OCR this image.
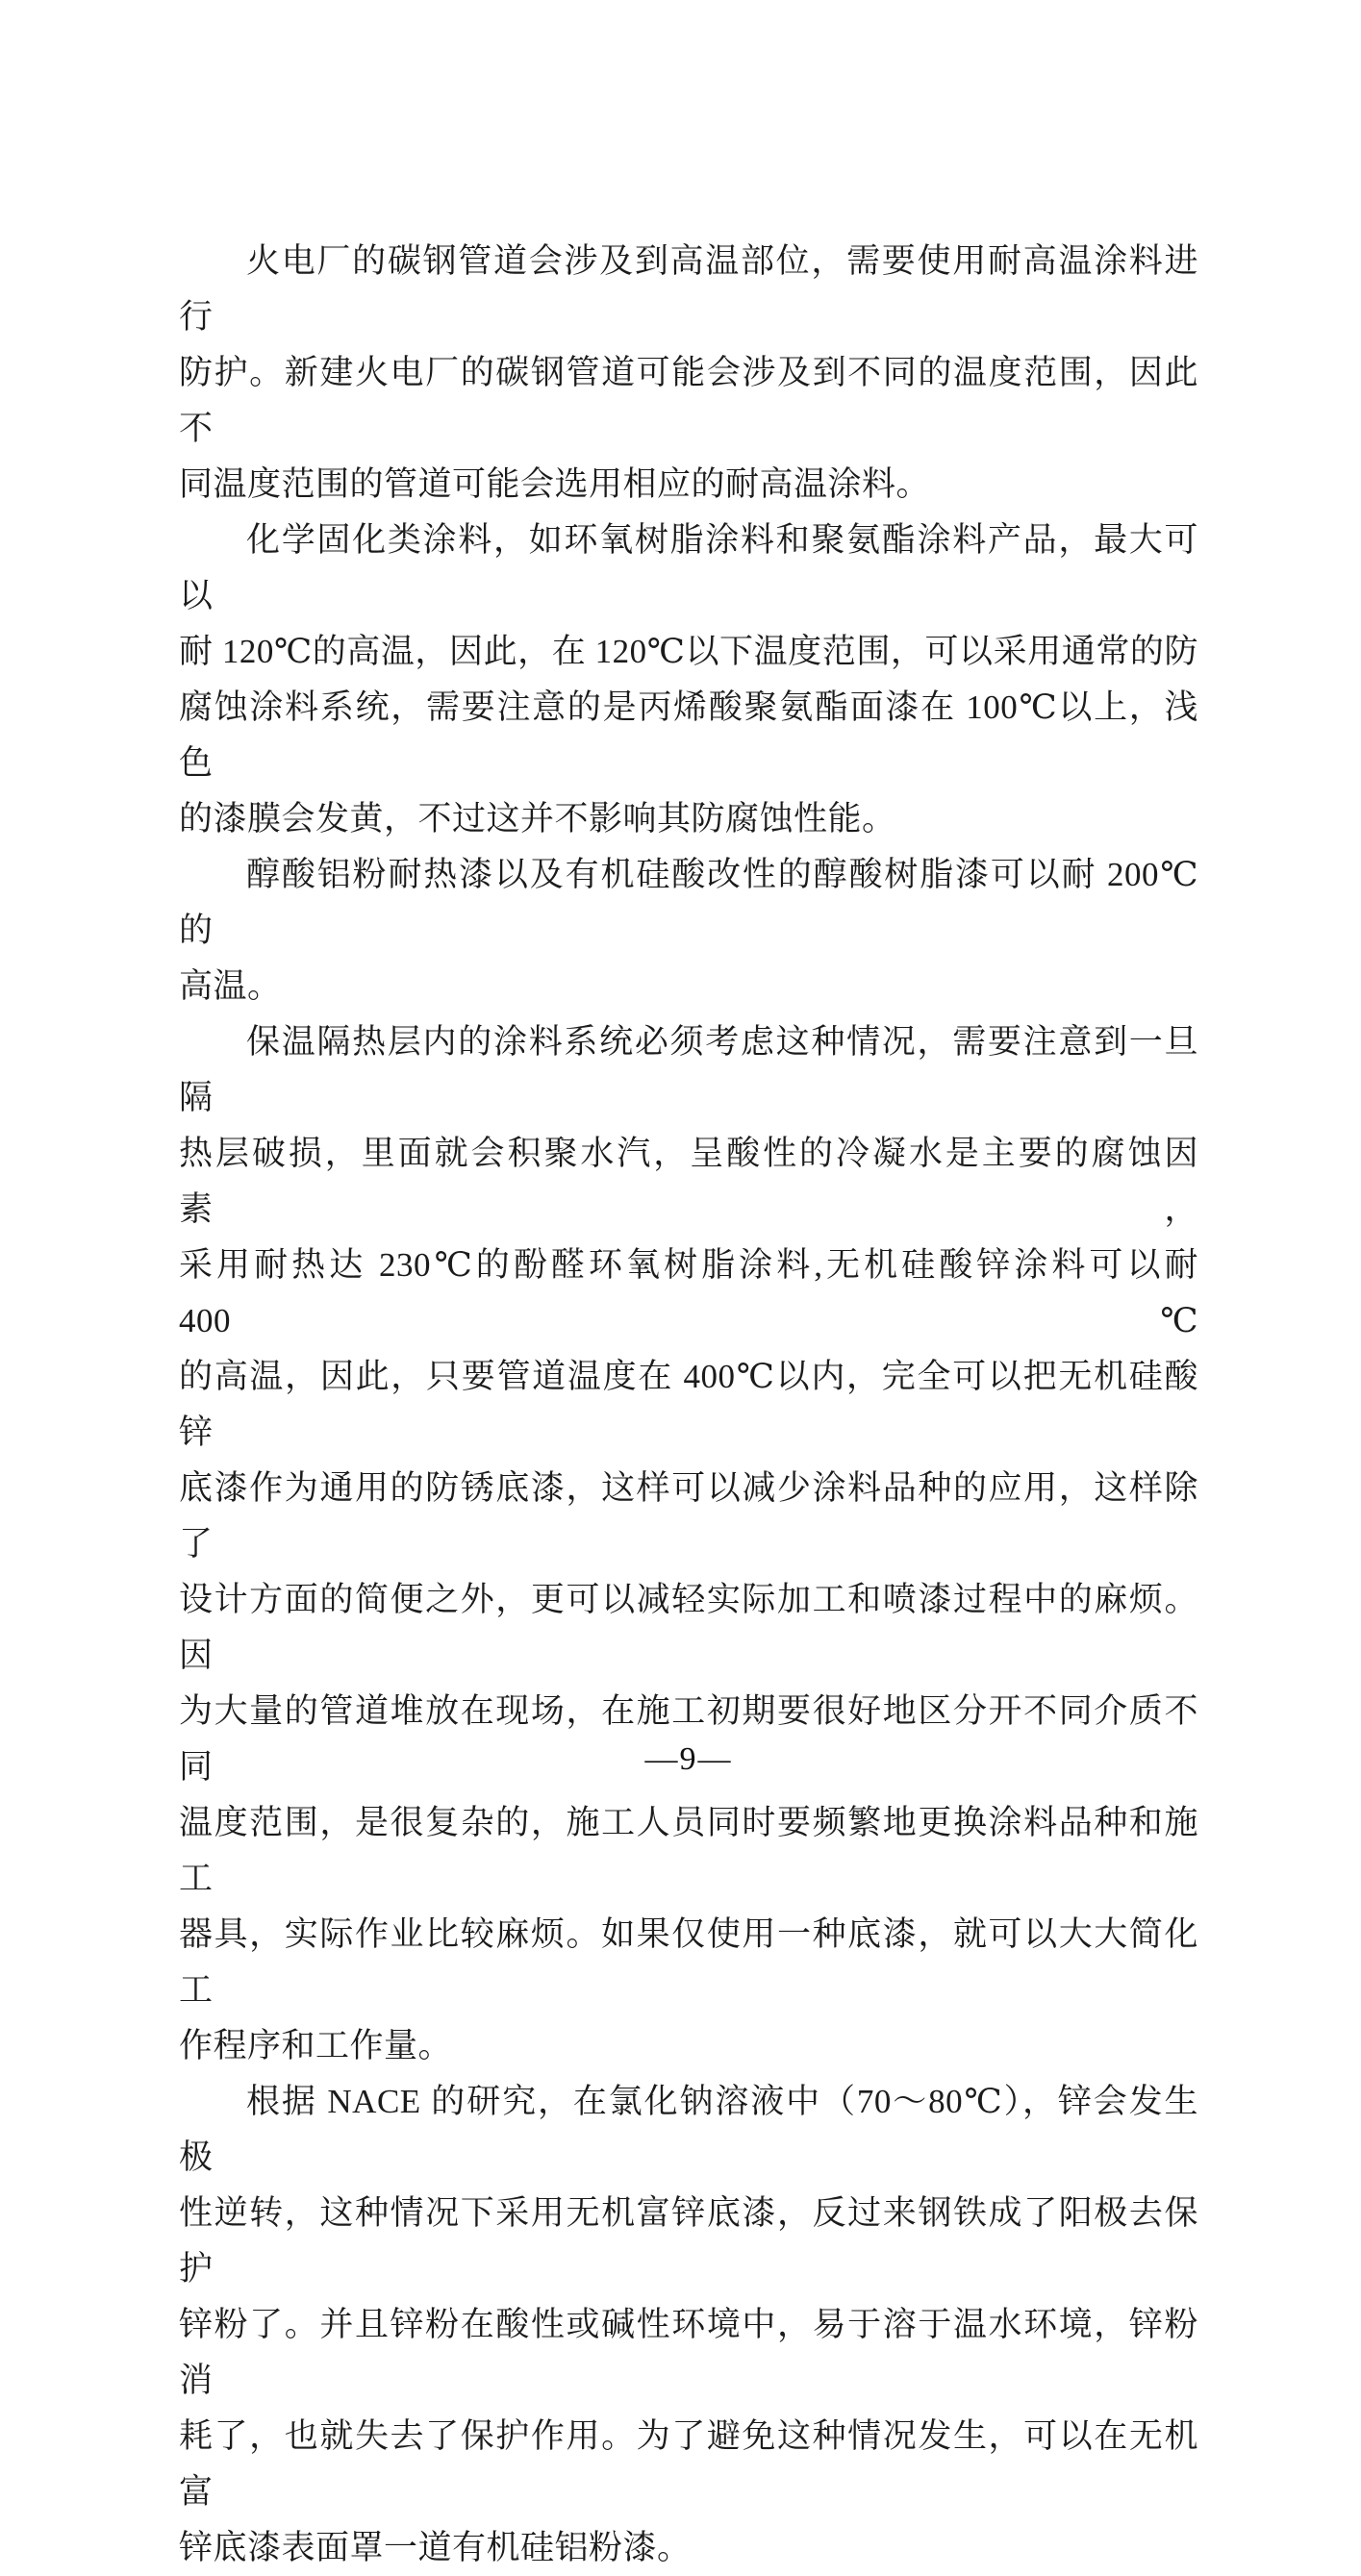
火电厂的碳钢管道会涉及到高温部位，需要使用耐高温涂料进行
防护。新建火电厂的碳钢管道可能会涉及到不同的温度范围，因此不
同温度范围的管道可能会选用相应的耐高温涂料。

化学固化类涂料，如环氧树脂涂料和聚氨酯涂料产品，最大可以
耐 120℃的高温，因此，在 120℃以下温度范围，可以采用通常的防
腐蚀涂料系统，需要注意的是丙烯酸聚氨酯面漆在 100℃以上，浅色
的漆膜会发黄，不过这并不影响其防腐蚀性能。

醇酸铝粉耐热漆以及有机硅酸改性的醇酸树脂漆可以耐 200℃的
高温。

保温隔热层内的涂料系统必须考虑这种情况，需要注意到一旦隔
热层破损，里面就会积聚水汽，呈酸性的冷凝水是主要的腐蚀因素，
采用耐热达 230℃的酚醛环氧树脂涂料,无机硅酸锌涂料可以耐 400℃
的高温，因此，只要管道温度在 400℃以内，完全可以把无机硅酸锌
底漆作为通用的防锈底漆，这样可以减少涂料品种的应用，这样除了
设计方面的简便之外，更可以减轻实际加工和喷漆过程中的麻烦。因
为大量的管道堆放在现场，在施工初期要很好地区分开不同介质不同
温度范围，是很复杂的，施工人员同时要频繁地更换涂料品种和施工
器具，实际作业比较麻烦。如果仅使用一种底漆，就可以大大简化工
作程序和工作量。

根据 NACE 的研究，在氯化钠溶液中（70～80℃），锌会发生极
性逆转，这种情况下采用无机富锌底漆，反过来钢铁成了阳极去保护
锌粉了。并且锌粉在酸性或碱性环境中，易于溶于温水环境，锌粉消
耗了，也就失去了保护作用。为了避免这种情况发生，可以在无机富
锌底漆表面罩一道有机硅铝粉漆。

—9—
